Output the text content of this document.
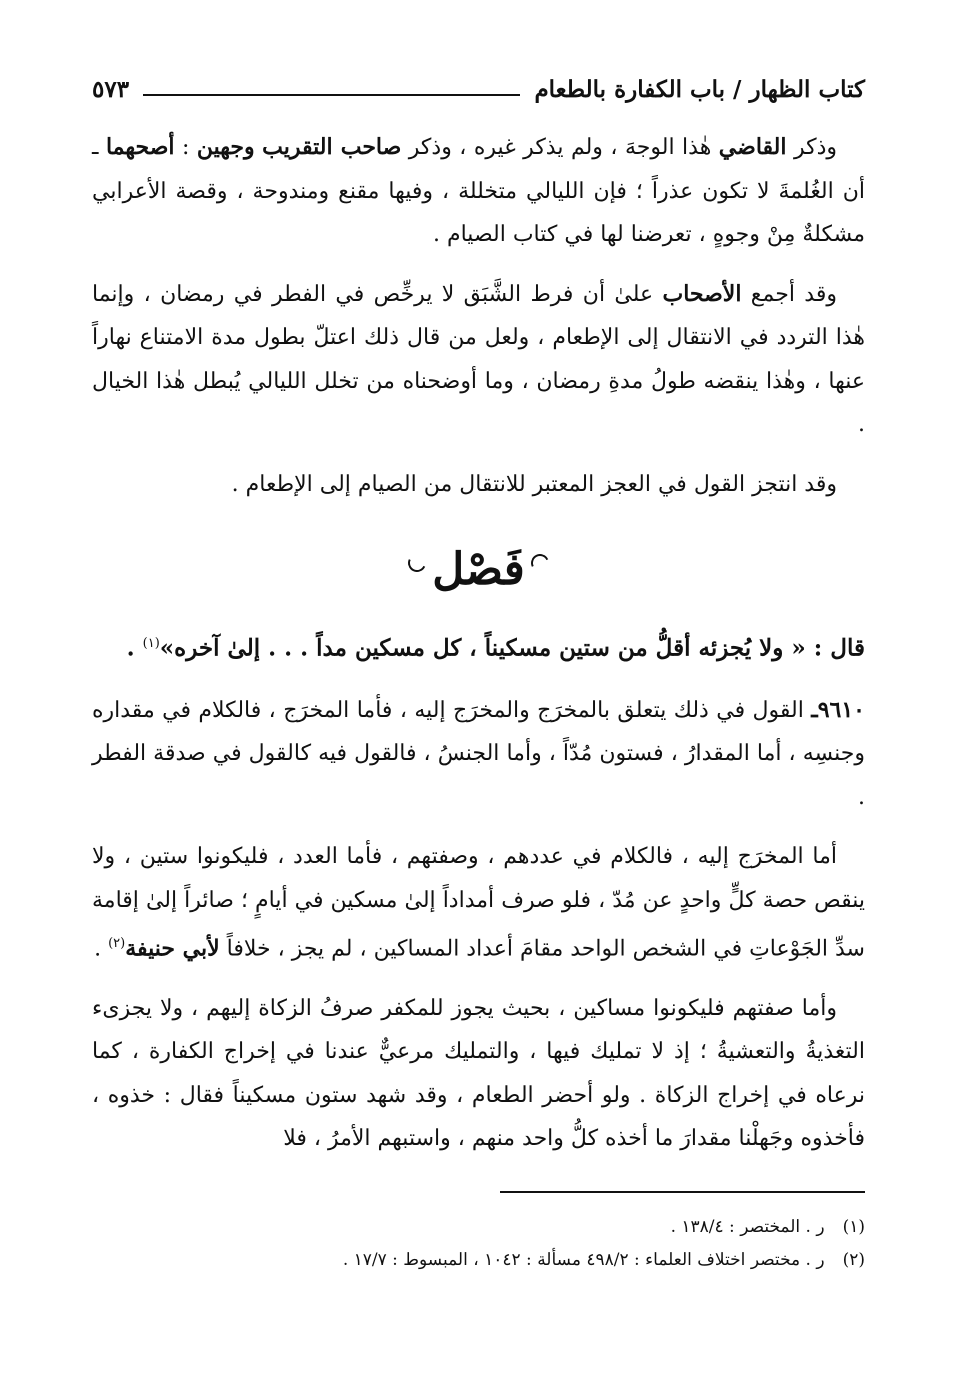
كتاب الظهار / باب الكفارة بالطعام
٥٧٣

وذكر القاضي هٰذا الوجهَ ، ولم يذكر غيره ، وذكر صاحب التقريب وجهين : أصحهما ـ أن الغُلمةَ لا تكون عذراً ؛ فإن الليالي متخللة ، وفيها مقنع ومندوحة ، وقصة الأعرابي مشكلةٌ مِنْ وجوهٍ ، تعرضنا لها في كتاب الصيام .

وقد أجمع الأصحاب علىٰ أن فرط الشَّبَق لا يرخِّص في الفطر في رمضان ، وإنما هٰذا التردد في الانتقال إلى الإطعام ، ولعل من قال ذلك اعتلّ بطول مدة الامتناع نهاراً عنها ، وهٰذا ينقضه طولُ مدةِ رمضان ، وما أوضحناه من تخلل الليالي يُبطل هٰذا الخيال .

وقد انتجز القول في العجز المعتبر للانتقال من الصيام إلى الإطعام .

فَصْل

قال : « ولا يُجزئه أقلُّ من ستين مسكيناً ، كل مسكين مداً . . . إلىٰ آخره»$^{(١)}$ .

٩٦١٠ـ القول في ذلك يتعلق بالمخرَج والمخرَج إليه ، فأما المخرَج ، فالكلام في مقداره وجنسِه ، أما المقدارُ ، فستون مُدّاً ، وأما الجنسُ ، فالقول فيه كالقول في صدقة الفطر .

أما المخرَج إليه ، فالكلام في عددهم ، وصفتهم ، فأما العدد ، فليكونوا ستين ، ولا ينقص حصة كلٍّ واحدٍ عن مُدّ ، فلو صرف أمداداً إلىٰ مسكين في أيامٍ ؛ صائراً إلىٰ إقامة سدِّ الجَوْعاتِ في الشخص الواحد مقامَ أعداد المساكين ، لم يجز ، خلافاً لأبي حنيفة$^{(٢)}$ .

وأما صفتهم فليكونوا مساكين ، بحيث يجوز للمكفر صرفُ الزكاة إليهم ، ولا يجزىء التغذيةُ والتعشيةُ ؛ إذ لا تمليك فيها ، والتمليك مرعيٌّ عندنا في إخراج الكفارة ، كما نرعاه في إخراج الزكاة . ولو أحضر الطعام ، وقد شهد ستون مسكيناً فقال : خذوه ، فأخذوه وجَهلْنا مقدارَ ما أخذه كلُّ واحد منهم ، واستبهم الأمرُ ، فلا

(١)
ر . المختصر : ١٣٨/٤ .
(٢)
ر . مختصر اختلاف العلماء : ٤٩٨/٢ مسألة : ١٠٤٢ ، المبسوط : ١٧/٧ .
